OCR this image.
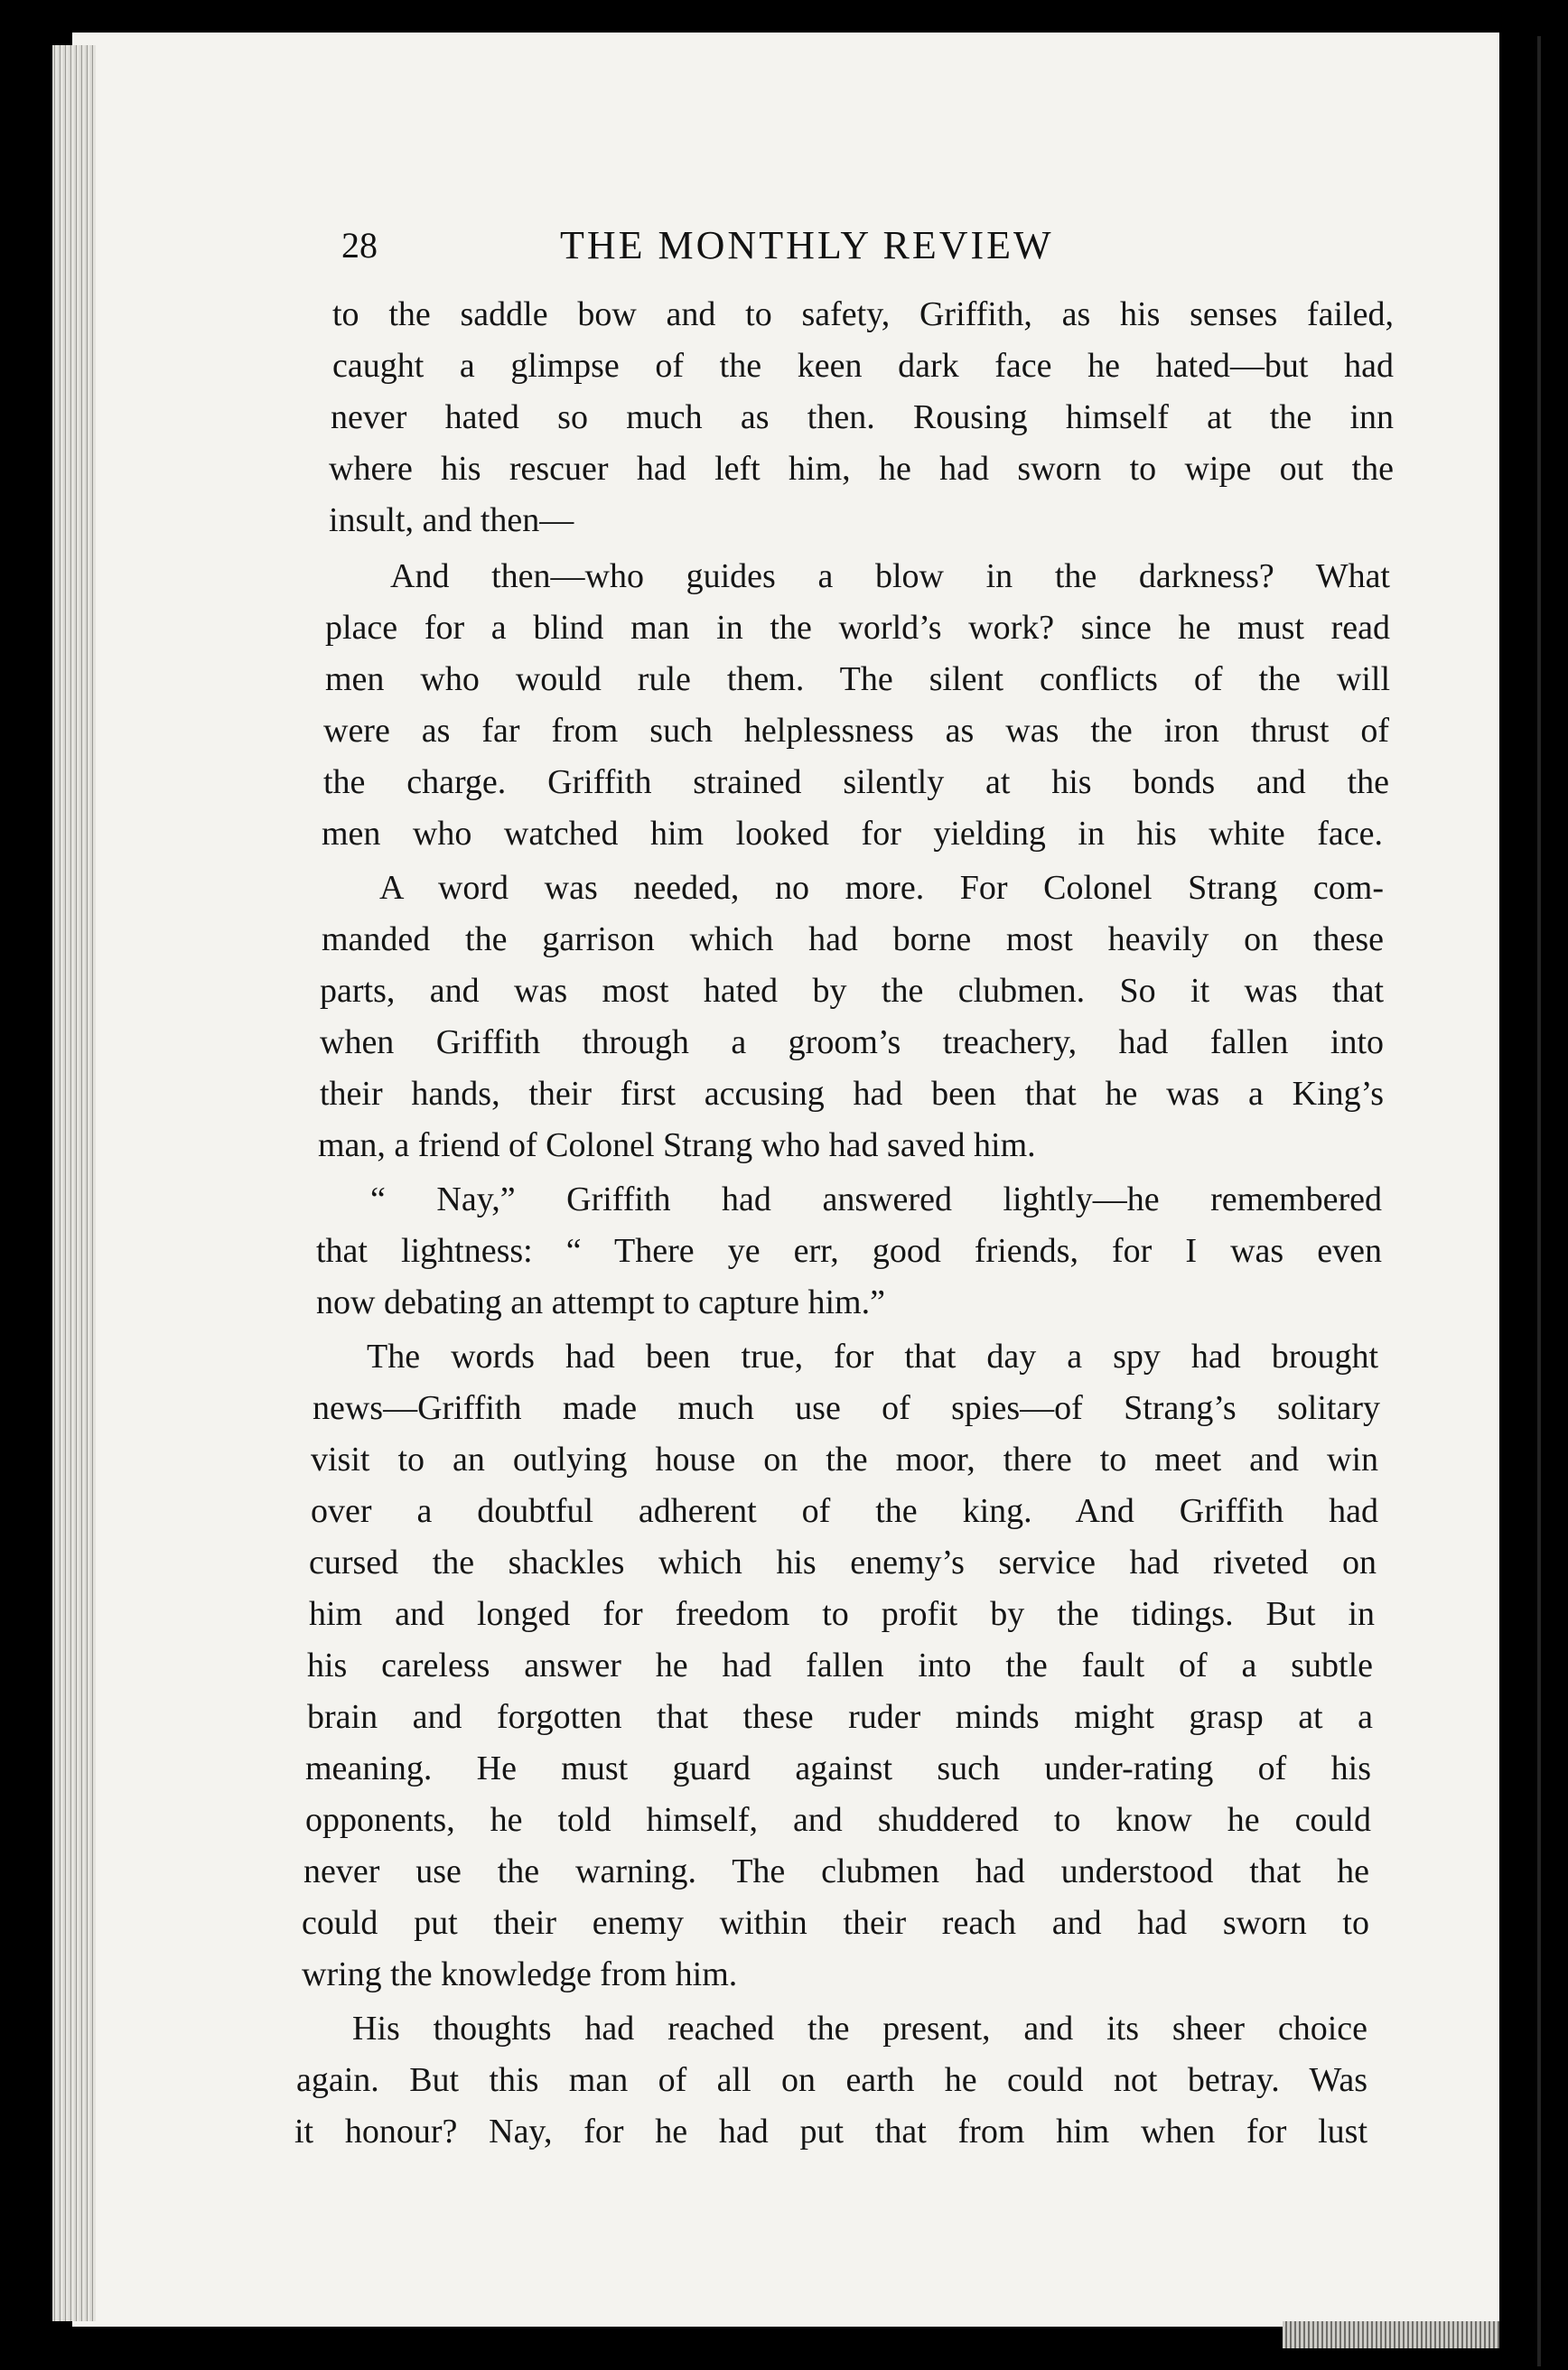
28	THE MONTHLY REVIEW
to the saddle bow and to safety, Griffith, as his senses failed,
caught a glimpse of the keen dark face he hated—but had
never hated so much as then. Rousing himself at the inn
where his rescuer had left him, he had sworn to wipe out the
insult, and then—
And then—who guides a blow in the darkness? What
place for a blind man in the world’s work? since he must read
men who would rule them. The silent conflicts of the will
were as far from such helplessness as was the iron thrust of
the charge. Griffith strained silently at his bonds and the
men who watched him looked for yielding in his white face.
A word was needed, no more. For Colonel Strang com-
manded the garrison which had borne most heavily on these
parts, and was most hated by the clubmen. So it was that
when Griffith through a groom’s treachery, had fallen into
their hands, their first accusing had been that he was a King’s
man, a friend of Colonel Strang who had saved him.
“ Nay,” Griffith had answered lightly—he remembered
that lightness: “ There ye err, good friends, for I was even
now debating an attempt to capture him.”
The words had been true, for that day a spy had brought
news—Griffith made much use of spies—of Strang’s solitary
visit to an outlying house on the moor, there to meet and win
over a doubtful adherent of the king. And Griffith had
cursed the shackles which his enemy’s service had riveted on
him and longed for freedom to profit by the tidings. But in
his careless answer he had fallen into the fault of a subtle
brain and forgotten that these ruder minds might grasp at a
meaning. He must guard against such under-rating of his
opponents, he told himself, and shuddered to know he could
never use the warning. The clubmen had understood that he
could put their enemy within their reach and had sworn to
wring the knowledge from him.
His thoughts had reached the present, and its sheer choice
again. But this man of all on earth he could not betray. Was
it honour? Nay, for he had put that from him when for lust
